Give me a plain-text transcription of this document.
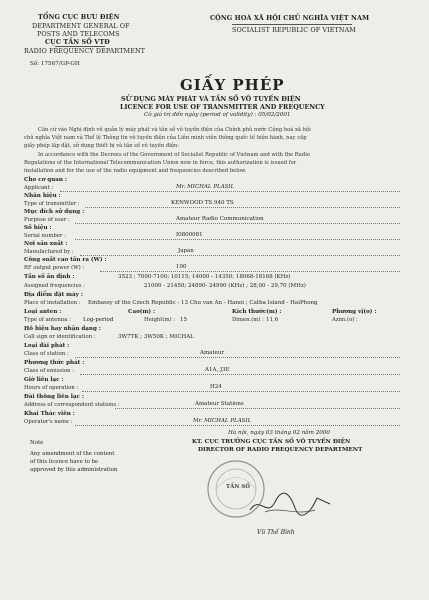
TỔNG CỤC BƯU ĐIỆN
DEPARTMENT GENERAL OF
POSTS AND TELECOMS
CỤC TẦN SỐ VTĐ
RADIO FREQUENCY DEPARTMENT
Số: 17567/GP-GH
CỘNG HOÀ XÃ HỘI CHỦ NGHĨA VIỆT NAM
SOCIALIST REPUBLIC OF VIETNAM
GIẤY PHÉP
SỬ DỤNG MÁY PHÁT VÀ TẦN SỐ VÔ TUYẾN ĐIỆN
LICENCE FOR USE OF TRANSMITTER AND FREQUENCY
Có giá trị đến ngày (period of validity) : 05/02/2001
Căn cứ vào Nghị định về quản lý máy phát và tần số vô tuyến điện của Chính phủ nước Cộng hoà xã hội
chủ nghĩa Việt nam và Thể lệ Thông tin vô tuyến điện của Liên minh viễn thông quốc tế hiện hành, nay cấp
giấy phép lắp đặt, sử dụng thiết bị và tần số vô tuyến điện:
In accordance with the Decrees of the Government of Socialist Republic of Vietnam and with the Radio
Regulations of the International Telecommunication Union now in force, this authorization is issued for
installation and for the use of the radio equipment and frequencies described below.
Cho cơ quan :
Applicant :	Mr. MICHAL PLASIL
Nhãn hiệu :
Type of transmitter :	KENWOOD TS 940 TS
Mục đích sử dụng :
Purpose of user :	Amateur Radio Communication
Số hiệu :
Serial number :	I0800081
Nơi sản xuất :
Manufactured by :	Japan
Công suất cao tần ra (W) :
RF output power (W) :	100
Tần số ấn định :	3523 ; 7000-7100; 10115; 14000 - 14350; 18068-18168 (KHz)
Assigned frequencies :	21000 - 21450; 24890- 24990 (KHz) ; 28,00 - 29,70 (MHz)
Địa điểm đặt máy :
Place of installation : Embassy of the Czech Republic - 13 Chu van An - Hanoi ; Catba Island - HaiPhong
Loại anten :	Cao(m) :	Kích thước(m) :	Phương vị(o) :
Type of antenna : Log-period	Height(m) : 15	Dimen.(m) : 11,6	Azim.(o) :
Hô hiệu hay nhận dạng :
Call sign or identification :	3W7TK ; 3W50K ; MICHAL
Loại đài phát :
Class of station :	Amateur
Phương thức phát :
Class of emission :	A1A, J3E
Giờ liên lạc :
Hours of operation :	H24
Đài thông liên lạc :
Address of correspondent stations :	Amateur Stations
Khai Thác viên :
Operator's name :	Mr. MICHAL PLASIL
Hà nội, ngày 03 tháng 02 năm 2000
KT. CỤC TRƯỞNG CỤC TẦN SỐ VÔ TUYẾN ĐIỆN
DIRECTOR OF RADIO FREQUENCY DEPARTMENT
Note
Any amendment of the content
of this licence have to be
approved by this administration
TẦN SỐ
Vũ Thế Bình
